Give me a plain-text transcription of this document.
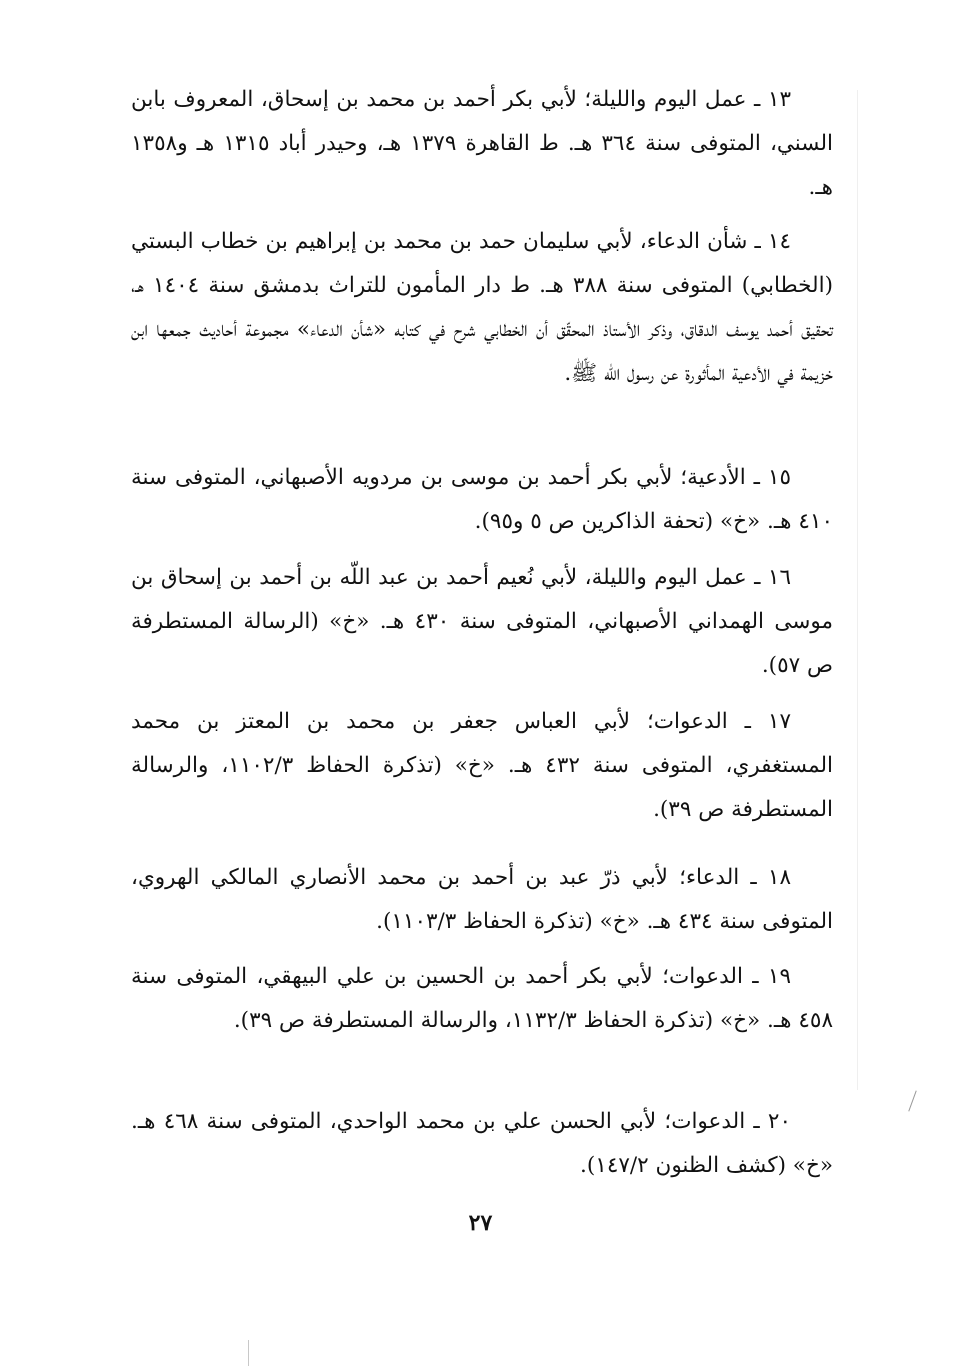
١٣ ـ عمل اليوم والليلة؛ لأبي بكر أحمد بن محمد بن إسحاق، المعروف بابن السني، المتوفى سنة ٣٦٤ هـ. ط القاهرة ١٣٧٩ هـ، وحيدر أباد ١٣١٥ هـ و١٣٥٨ هـ.

١٤ ـ شأن الدعاء، لأبي سليمان حمد بن محمد بن إبراهيم بن خطاب البستي (الخطابي) المتوفى سنة ٣٨٨ هـ. ط دار المأمون للتراث بدمشق سنة ١٤٠٤ هـ، تحقيق أحمد يوسف الدقاق، وذكر الأستاذ المحقّق أن الخطابي شرح في كتابه «شأن الدعاء» مجموعة أحاديث جمعها ابن خزيمة في الأدعية المأثورة عن رسول الله ﷺ.

١٥ ـ الأدعية؛ لأبي بكر أحمد بن موسى بن مردويه الأصبهاني، المتوفى سنة ٤١٠ هـ. «خ» (تحفة الذاكرين ص ٥ و٩٥).

١٦ ـ عمل اليوم والليلة، لأبي نُعيم أحمد بن عبد اللّه بن أحمد بن إسحاق بن موسى الهمداني الأصبهاني، المتوفى سنة ٤٣٠ هـ. «خ» (الرسالة المستطرفة ص ٥٧).

١٧ ـ الدعوات؛ لأبي العباس جعفر بن محمد بن المعتز بن محمد المستغفري، المتوفى سنة ٤٣٢ هـ. «خ» (تذكرة الحفاظ ١١٠٢/٣، والرسالة المستطرفة ص ٣٩).

١٨ ـ الدعاء؛ لأبي ذرّ عبد بن أحمد بن محمد الأنصاري المالكي الهروي، المتوفى سنة ٤٣٤ هـ. «خ» (تذكرة الحفاظ ١١٠٣/٣).

١٩ ـ الدعوات؛ لأبي بكر أحمد بن الحسين بن علي البيهقي، المتوفى سنة ٤٥٨ هـ. «خ» (تذكرة الحفاظ ١١٣٢/٣، والرسالة المستطرفة ص ٣٩).

٢٠ ـ الدعوات؛ لأبي الحسن علي بن محمد الواحدي، المتوفى سنة ٤٦٨ هـ. «خ» (كشف الظنون ١٤٧/٢).

٢٧
